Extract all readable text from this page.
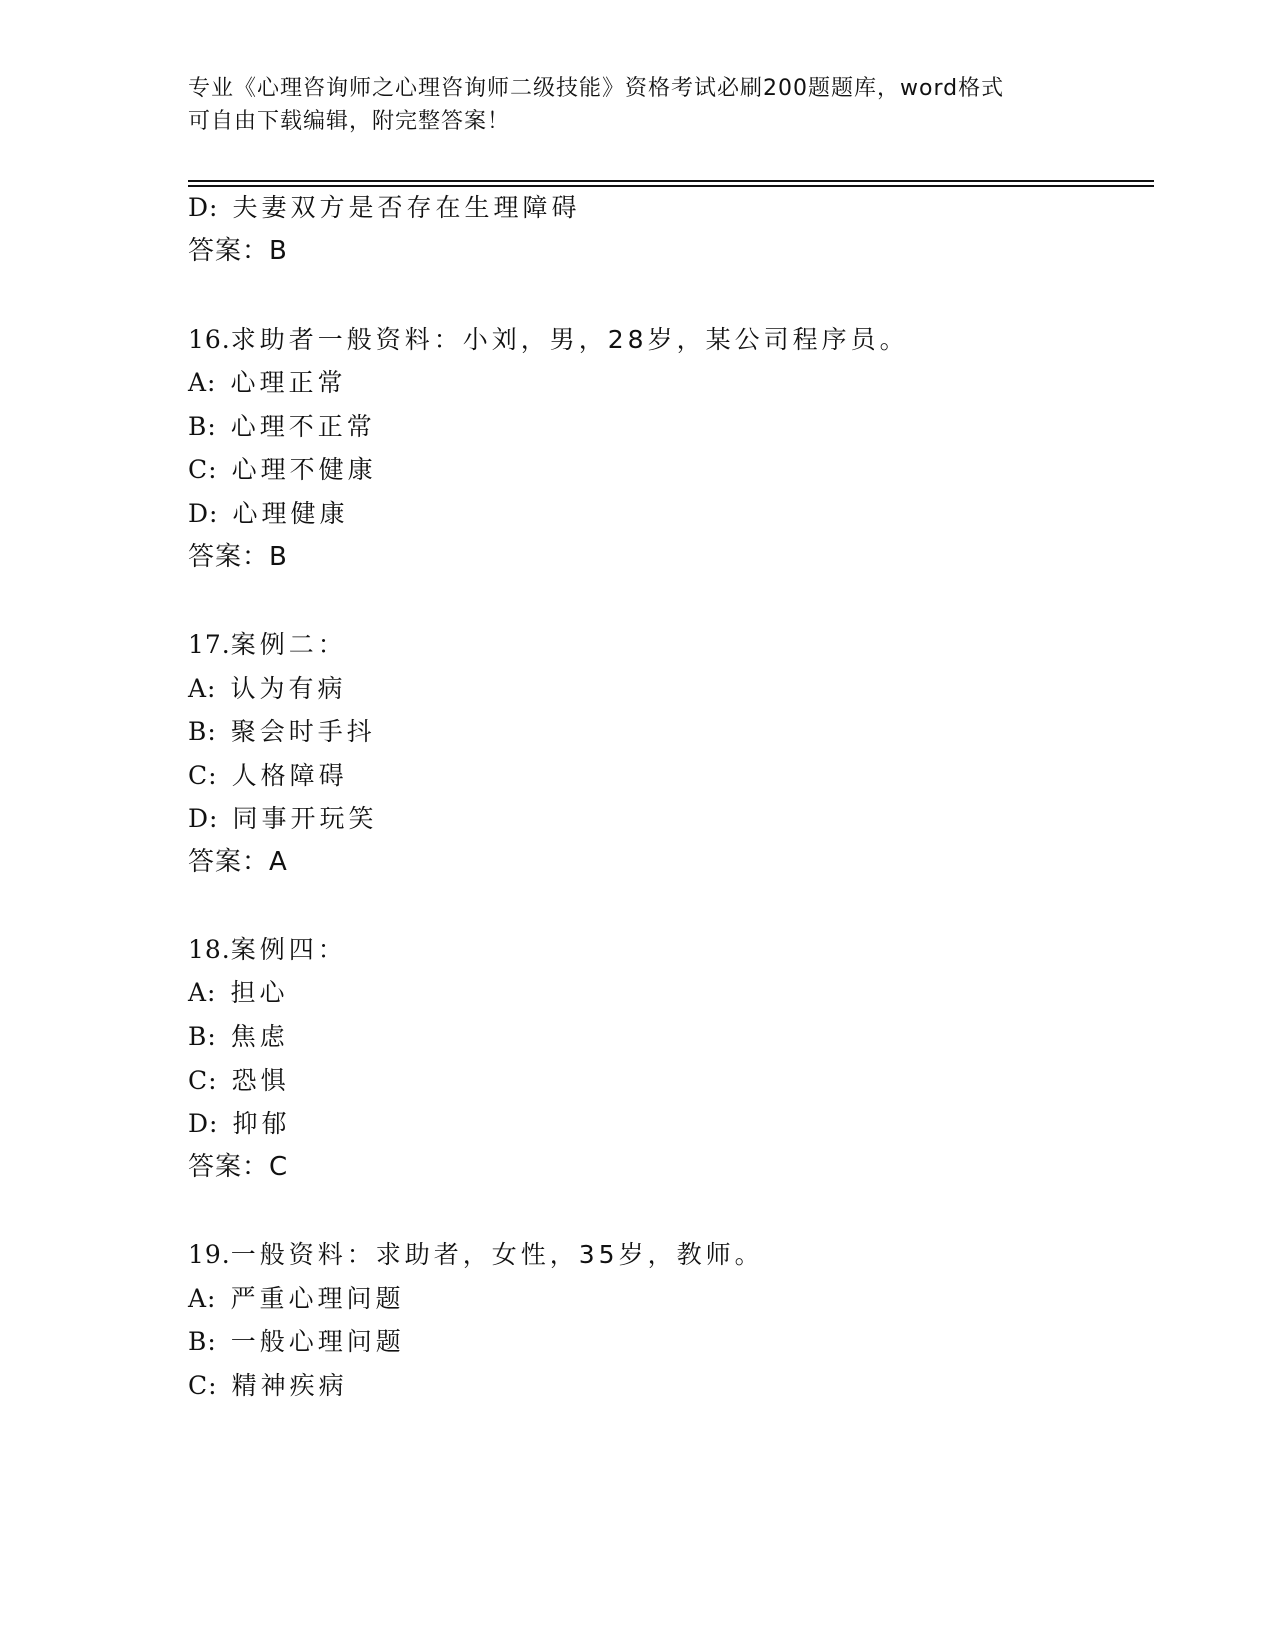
专业《心理咨询师之心理咨询师二级技能》资格考试必刷200题题库，word格式
可自由下载编辑，附完整答案！
D: 夫妻双方是否存在生理障碍
答案：B
16.求助者一般资料：小刘，男，28岁，某公司程序员。
A: 心理正常
B: 心理不正常
C: 心理不健康
D: 心理健康
答案：B
17.案例二：
A: 认为有病
B: 聚会时手抖
C: 人格障碍
D: 同事开玩笑
答案：A
18.案例四：
A: 担心
B: 焦虑
C: 恐惧
D: 抑郁
答案：C
19.一般资料：求助者，女性，35岁，教师。
A: 严重心理问题
B: 一般心理问题
C: 精神疾病
